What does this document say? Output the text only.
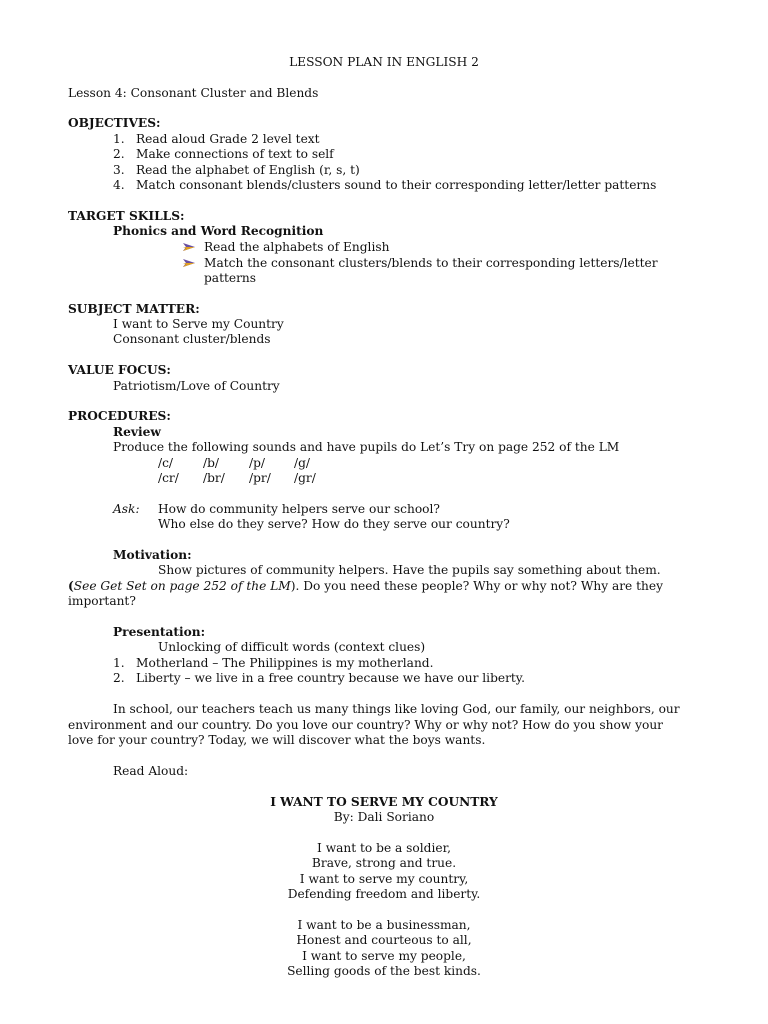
LESSON PLAN IN ENGLISH 2
Lesson 4: Consonant Cluster and Blends
OBJECTIVES:
1. Read aloud Grade 2 level text
2. Make connections of text to self
3. Read the alphabet of English (r, s, t)
4. Match consonant blends/clusters sound to their corresponding letter/letter patterns
TARGET SKILLS:
Phonics and Word Recognition
Read the alphabets of English
Match the consonant clusters/blends to their corresponding letters/letter
patterns
SUBJECT MATTER:
I want to Serve my Country
Consonant cluster/blends
VALUE FOCUS:
Patriotism/Love of Country
PROCEDURES:
Review
Produce the following sounds and have pupils do Let’s Try on page 252 of the LM
/c/ /b/ /p/ /g/
/cr/ /br/ /pr/ /gr/
Ask: How do community helpers serve our school?
Who else do they serve? How do they serve our country?
Motivation:
Show pictures of community helpers. Have the pupils say something about them.
(See Get Set on page 252 of the LM). Do you need these people? Why or why not? Why are they
important?
Presentation:
Unlocking of difficult words (context clues)
1. Motherland – The Philippines is my motherland.
2. Liberty – we live in a free country because we have our liberty.
In school, our teachers teach us many things like loving God, our family, our neighbors, our
environment and our country. Do you love our country? Why or why not? How do you show your
love for your country? Today, we will discover what the boys wants.
Read Aloud:
I WANT TO SERVE MY COUNTRY
By: Dali Soriano
I want to be a soldier,
Brave, strong and true.
I want to serve my country,
Defending freedom and liberty.
I want to be a businessman,
Honest and courteous to all,
I want to serve my people,
Selling goods of the best kinds.
